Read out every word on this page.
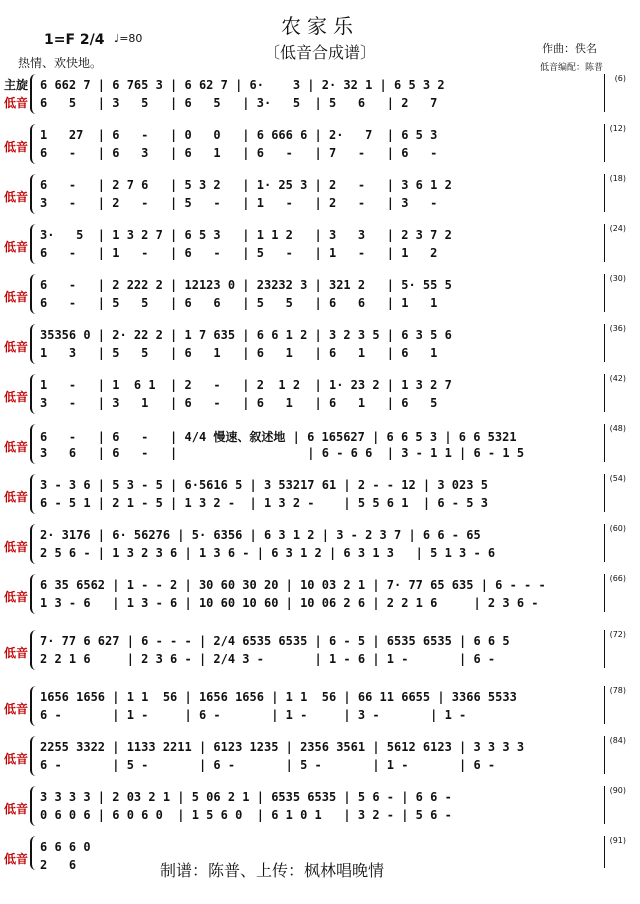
农家乐
〔低音合成谱〕
1=F 2/4 ♩=80
热情、欢快地。
作曲：佚名
低音编配：陈普
主旋
低音
6 662 7 | 6 765 3 | 6 62 7 | 6·    3 | 2· 32 1 | 6 5 3 2
6   5   | 3   5   | 6   5   | 3·   5  | 5   6   | 2   7
(6)
低音
1   27  | 6   -   | 0   0   | 6 666 6 | 2·   7  | 6 5 3
6   -   | 6   3   | 6   1   | 6   -   | 7   -   | 6   -
(12)
低音
6   -   | 2 7 6   | 5 3 2   | 1· 25 3 | 2   -   | 3 6 1 2
3   -   | 2   -   | 5   -   | 1   -   | 2   -   | 3   -
(18)
低音
3·   5  | 1 3 2 7 | 6 5 3   | 1 1 2   | 3   3   | 2 3 7 2
6   -   | 1   -   | 6   -   | 5   -   | 1   -   | 1   2
(24)
低音
6   -   | 2 222 2 | 12123 0 | 23232 3 | 321 2   | 5· 55 5
6   -   | 5   5   | 6   6   | 5   5   | 6   6   | 1   1
(30)
低音
35356 0 | 2· 22 2 | 1 7 635 | 6 6 1 2 | 3 2 3 5 | 6 3 5 6
1   3   | 5   5   | 6   1   | 6   1   | 6   1   | 6   1
(36)
低音
1   -   | 1  6 1  | 2   -   | 2  1 2  | 1· 23 2 | 1 3 2 7
3   -   | 3   1   | 6   -   | 6   1   | 6   1   | 6   5
(42)
低音
6   -   | 6   -   | 4/4 慢速、叙述地 | 6 165627 | 6 6 5 3 | 6 6 5321
3   6   | 6   -   |                  | 6 - 6 6  | 3 - 1 1 | 6 - 1 5
(48)
低音
3 - 3 6 | 5 3 - 5 | 6·5616 5 | 3 53217 61 | 2 - - 12 | 3 023 5
6 - 5 1 | 2 1 - 5 | 1 3 2 -  | 1 3 2 -    | 5 5 6 1  | 6 - 5 3
(54)
低音
2· 3176 | 6· 56276 | 5· 6356 | 6 3 1 2 | 3 - 2 3 7 | 6 6 - 65
2 5 6 - | 1 3 2 3 6 | 1 3 6 - | 6 3 1 2 | 6 3 1 3   | 5 1 3 - 6
(60)
低音
6 35 6562 | 1 - - 2 | 30 60 30 20 | 10 03 2 1 | 7· 77 65 635 | 6 - - -
1 3 - 6   | 1 3 - 6 | 10 60 10 60 | 10 06 2 6 | 2 2 1 6     | 2 3 6 -
(66)
低音
7· 77 6 627 | 6 - - - | 2/4 6535 6535 | 6 - 5 | 6535 6535 | 6 6 5
2 2 1 6     | 2 3 6 - | 2/4 3 -       | 1 - 6 | 1 -       | 6 -
(72)
低音
1656 1656 | 1 1  56 | 1656 1656 | 1 1  56 | 66 11 6655 | 3366 5533
6 -       | 1 -     | 6 -       | 1 -     | 3 -       | 1 -
(78)
低音
2255 3322 | 1133 2211 | 6123 1235 | 2356 3561 | 5612 6123 | 3 3 3 3
6 -       | 5 -       | 6 -       | 5 -       | 1 -       | 6 -
(84)
低音
3 3 3 3 | 2 03 2 1 | 5 06 2 1 | 6535 6535 | 5 6 - | 6 6 -
0 6 0 6 | 6 0 6 0  | 1 5 6 0  | 6 1 0 1   | 3 2 - | 5 6 -
(90)
低音
6 6 6 0
2   6
(91)
制谱：陈普、上传：枫林唱晚情
